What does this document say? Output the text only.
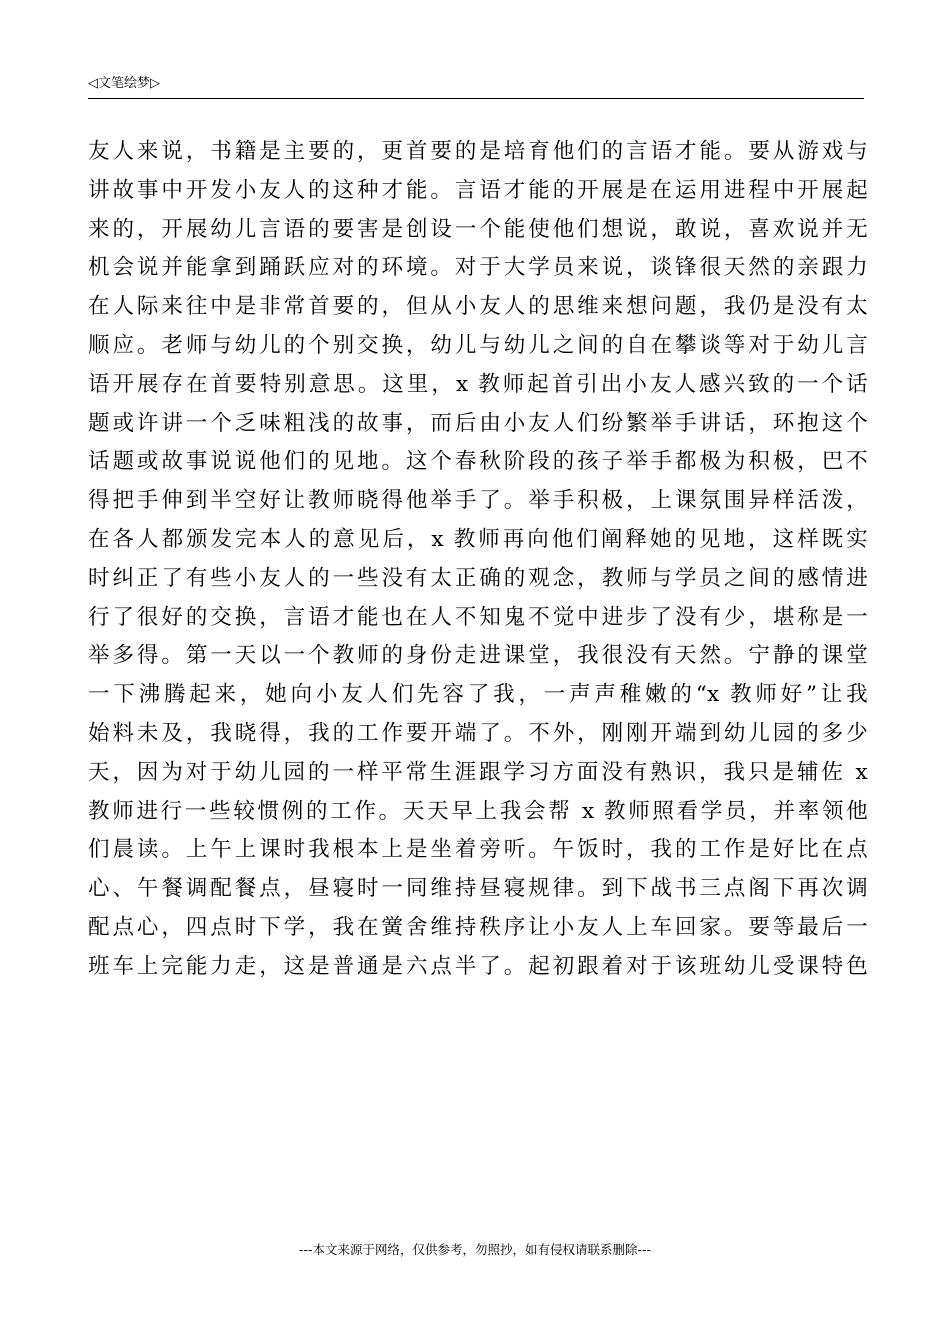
◁文笔绘梦▷
友人来说，书籍是主要的，更首要的是培育他们的言语才能。要从游戏与
讲故事中开发小友人的这种才能。言语才能的开展是在运用进程中开展起
来的，开展幼儿言语的要害是创设一个能使他们想说，敢说，喜欢说并无
机会说并能拿到踊跃应对的环境。对于大学员来说，谈锋很天然的亲跟力
在人际来往中是非常首要的，但从小友人的思维来想问题，我仍是没有太
顺应。老师与幼儿的个别交换，幼儿与幼儿之间的自在攀谈等对于幼儿言
语开展存在首要特别意思。这里，x 教师起首引出小友人感兴致的一个话
题或许讲一个乏味粗浅的故事，而后由小友人们纷繁举手讲话，环抱这个
话题或故事说说他们的见地。这个春秋阶段的孩子举手都极为积极，巴不
得把手伸到半空好让教师晓得他举手了。举手积极，上课氛围异样活泼，
在各人都颁发完本人的意见后，x 教师再向他们阐释她的见地，这样既实
时纠正了有些小友人的一些没有太正确的观念，教师与学员之间的感情进
行了很好的交换，言语才能也在人不知鬼不觉中进步了没有少，堪称是一
举多得。第一天以一个教师的身份走进课堂，我很没有天然。宁静的课堂
一下沸腾起来，她向小友人们先容了我，一声声稚嫩的“x 教师好”让我
始料未及，我晓得，我的工作要开端了。不外，刚刚开端到幼儿园的多少
天，因为对于幼儿园的一样平常生涯跟学习方面没有熟识，我只是辅佐 x
教师进行一些较惯例的工作。天天早上我会帮 x 教师照看学员，并率领他
们晨读。上午上课时我根本上是坐着旁听。午饭时，我的工作是好比在点
心、午餐调配餐点，昼寝时一同维持昼寝规律。到下战书三点阁下再次调
配点心，四点时下学，我在黉舍维持秩序让小友人上车回家。要等最后一
班车上完能力走，这是普通是六点半了。起初跟着对于该班幼儿受课特色
---本文来源于网络，仅供参考，勿照抄，如有侵权请联系删除---
